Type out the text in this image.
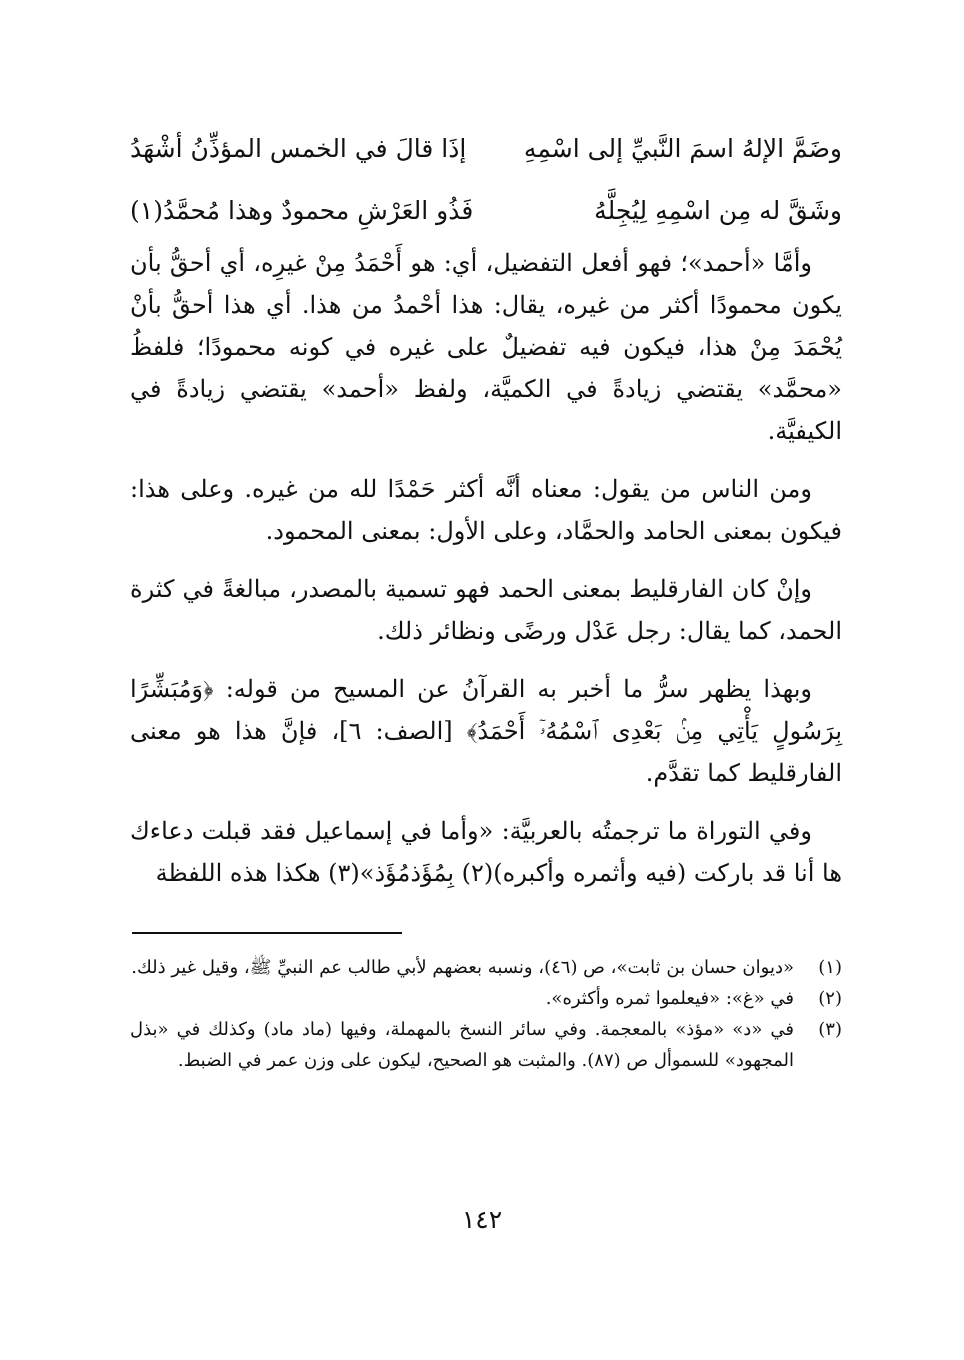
وضَمَّ الإلهُ اسمَ النَّبيِّ إلى اسْمِهِ
إذَا قالَ في الخمس المؤذِّنُ أشْهَدُ
وشَقَّ له مِن اسْمِهِ لِيُجِلَّهُ
فَذُو العَرْشِ محمودٌ وهذا مُحمَّدُ(١)

وأمَّا «أحمد»؛ فهو أفعل التفضيل، أي: هو أَحْمَدُ مِنْ غيرِه، أي أحقُّ بأن يكون محمودًا أكثر من غيره، يقال: هذا أحْمدُ من هذا. أي هذا أحقُّ بأنْ يُحْمَدَ مِنْ هذا، فيكون فيه تفضيلٌ على غيره في كونه محمودًا؛ فلفظُ «محمَّد» يقتضي زيادةً في الكميَّة، ولفظ «أحمد» يقتضي زيادةً في الكيفيَّة.

ومن الناس من يقول: معناه أنَّه أكثر حَمْدًا لله من غيره. وعلى هذا: فيكون بمعنى الحامد والحمَّاد، وعلى الأول: بمعنى المحمود.

وإنْ كان الفارقليط بمعنى الحمد فهو تسمية بالمصدر، مبالغةً في كثرة الحمد، كما يقال: رجل عَدْل ورضًى ونظائر ذلك.

وبهذا يظهر سرُّ ما أخبر به القرآنُ عن المسيح من قوله: ﴿وَمُبَشِّرًا بِرَسُولٍ يَأْتِي مِنۢ بَعْدِى ٱسْمُهُۥٓ أَحْمَدُ﴾ [الصف: ٦]، فإنَّ هذا هو معنى الفارقليط كما تقدَّم.

وفي التوراة ما ترجمتُه بالعربيَّة: «وأما في إسماعيل فقد قبلت دعاءك ها أنا قد باركت (فيه وأثمره وأكبره)(٢) بِمُؤَذمُؤَذ»(٣) هكذا هذه اللفظة

(١)
«ديوان حسان بن ثابت»، ص (٤٦)، ونسبه بعضهم لأبي طالب عم النبيِّ ﷺ، وقيل غير ذلك.
(٢)
في «غ»: «فيعلموا ثمره وأكثره».
(٣)
في «د» «مؤذ» بالمعجمة. وفي سائر النسخ بالمهملة، وفيها (ماد ماد) وكذلك في «بذل المجهود» للسموأل ص (٨٧). والمثبت هو الصحيح، ليكون على وزن عمر في الضبط.
١٤٢
